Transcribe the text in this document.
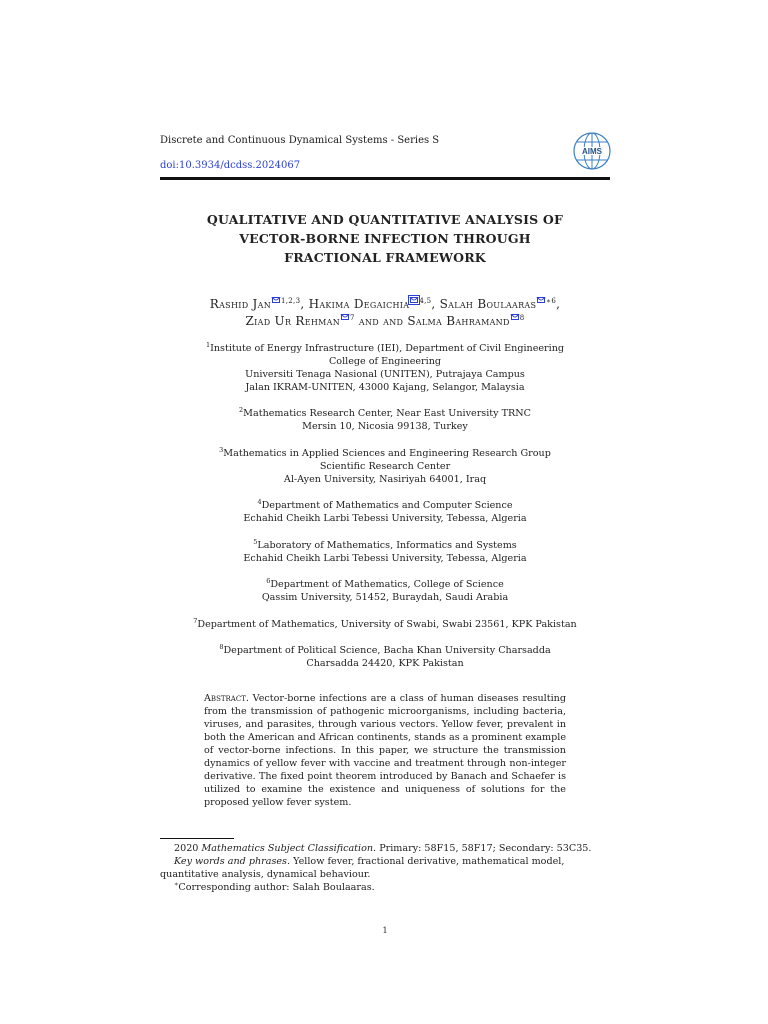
Discrete and Continuous Dynamical Systems - Series S
doi:10.3934/dcdss.2024067
AIMS
QUALITATIVE AND QUANTITATIVE ANALYSIS OF
VECTOR-BORNE INFECTION THROUGH
FRACTIONAL FRAMEWORK
Rashid Jan $^{1,2,3}$, Hakima Degaichia $^{4,5}$, Salah Boulaaras $^{∗6}$,
Ziad Ur Rehman $^7$ and and Salma Bahramand $^8$
$^1$Institute of Energy Infrastructure (IEI), Department of Civil Engineering
College of Engineering
Universiti Tenaga Nasional (UNITEN), Putrajaya Campus
Jalan IKRAM-UNITEN, 43000 Kajang, Selangor, Malaysia
$^2$Mathematics Research Center, Near East University TRNC
Mersin 10, Nicosia 99138, Turkey
$^3$Mathematics in Applied Sciences and Engineering Research Group
Scientific Research Center
Al-Ayen University, Nasiriyah 64001, Iraq
$^4$Department of Mathematics and Computer Science
Echahid Cheikh Larbi Tebessi University, Tebessa, Algeria
$^5$Laboratory of Mathematics, Informatics and Systems
Echahid Cheikh Larbi Tebessi University, Tebessa, Algeria
$^6$Department of Mathematics, College of Science
Qassim University, 51452, Buraydah, Saudi Arabia
$^7$Department of Mathematics, University of Swabi, Swabi 23561, KPK Pakistan
$^8$Department of Political Science, Bacha Khan University Charsadda
Charsadda 24420, KPK Pakistan
Abstract. Vector-borne infections are a class of human diseases resulting from the transmission of pathogenic microorganisms, including bacteria, viruses, and parasites, through various vectors. Yellow fever, prevalent in both the American and African continents, stands as a prominent example of vector-borne infections. In this paper, we structure the transmission dynamics of yellow fever with vaccine and treatment through non-integer derivative. The fixed point theorem introduced by Banach and Schaefer is utilized to examine the existence and uniqueness of solutions for the proposed yellow fever system.
2020 Mathematics Subject Classification. Primary: 58F15, 58F17; Secondary: 53C35.
Key words and phrases. Yellow fever, fractional derivative, mathematical model, quantitative analysis, dynamical behaviour.
∗Corresponding author: Salah Boulaaras.
1
